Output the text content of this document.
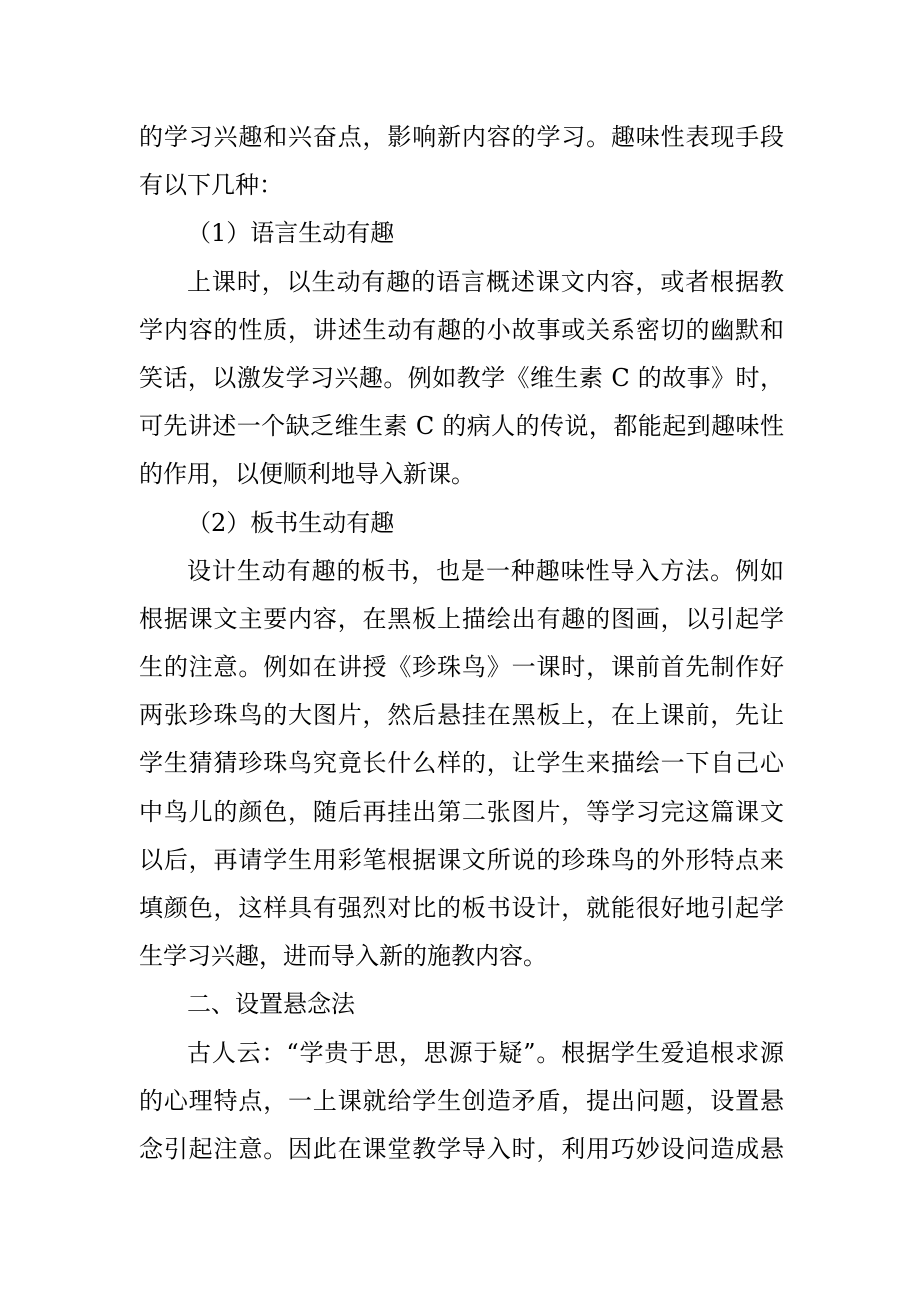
的学习兴趣和兴奋点，影响新内容的学习。趣味性表现手段
有以下几种：
（1）语言生动有趣
上课时，以生动有趣的语言概述课文内容，或者根据教
学内容的性质，讲述生动有趣的小故事或关系密切的幽默和
笑话，以激发学习兴趣。例如教学《维生素 C 的故事》时，
可先讲述一个缺乏维生素 C 的病人的传说，都能起到趣味性
的作用，以便顺利地导入新课。
（2）板书生动有趣
设计生动有趣的板书，也是一种趣味性导入方法。例如
根据课文主要内容，在黑板上描绘出有趣的图画，以引起学
生的注意。例如在讲授《珍珠鸟》一课时，课前首先制作好
两张珍珠鸟的大图片，然后悬挂在黑板上，在上课前，先让
学生猜猜珍珠鸟究竟长什么样的，让学生来描绘一下自己心
中鸟儿的颜色，随后再挂出第二张图片，等学习完这篇课文
以后，再请学生用彩笔根据课文所说的珍珠鸟的外形特点来
填颜色，这样具有强烈对比的板书设计，就能很好地引起学
生学习兴趣，进而导入新的施教内容。
二、设置悬念法
古人云：“学贵于思，思源于疑”。根据学生爱追根求源
的心理特点，一上课就给学生创造矛盾，提出问题，设置悬
念引起注意。因此在课堂教学导入时，利用巧妙设问造成悬
